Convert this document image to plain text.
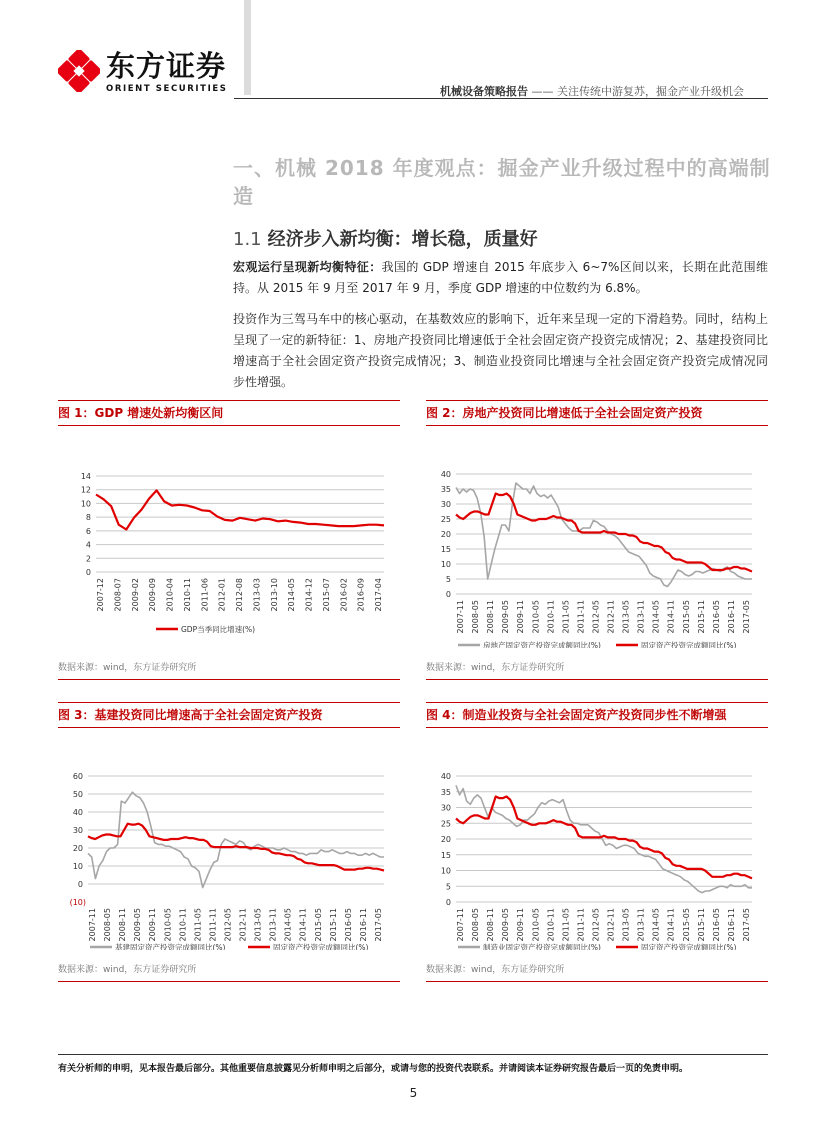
东方证券
ORIENT SECURITIES	机械设备策略报告 —— 关注传统中游复苏，掘金产业升级机会
一、机械 2018 年度观点：掘金产业升级过程中的高端制造
1.1 经济步入新均衡：增长稳，质量好
宏观运行呈现新均衡特征：我国的 GDP 增速自 2015 年底步入 6~7%区间以来，长期在此范围维持。从 2015 年 9 月至 2017 年 9 月，季度 GDP 增速的中位数约为 6.8%。
投资作为三驾马车中的核心驱动，在基数效应的影响下，近年来呈现一定的下滑趋势。同时，结构上呈现了一定的新特征：1、房地产投资同比增速低于全社会固定资产投资完成情况；2、基建投资同比增速高于全社会固定资产投资完成情况；3、制造业投资同比增速与全社会固定资产投资完成情况同步性增强。
图 1：GDP 增速处新均衡区间
0
2
4
6
8
10
12
14
2007-12 2008-07 2009-02 2009-09 2010-04 2010-11 2011-06 2012-01 2012-08 2013-03 2013-10 2014-05 2014-12 2015-07 2016-02 2016-09 2017-04
GDP当季同比增速(%)
数据来源：wind，东方证券研究所
图 2：房地产投资同比增速低于全社会固定资产投资
0
5
10
15
20
25
30
35
40
2007-11 2008-05 2008-11 2009-05 2009-11 2010-05 2010-11 2011-05 2011-11 2012-05 2012-11 2013-05 2013-11 2014-05 2014-11 2015-05 2015-11 2016-05 2016-11 2017-05
房地产固定资产投资完成额同比(%)	固定资产投资完成额同比(%)
数据来源：wind，东方证券研究所
图 3：基建投资同比增速高于全社会固定资产投资
0
10
20
30
40
50
60
(10)
2007-11 2008-05 2008-11 2009-05 2009-11 2010-05 2010-11 2011-05 2011-11 2012-05 2012-11 2013-05 2013-11 2014-05 2014-11 2015-05 2015-11 2016-05 2016-11 2017-05
基建固定资产投资完成额同比(%)	固定资产投资完成额同比(%)
数据来源：wind，东方证券研究所
图 4：制造业投资与全社会固定资产投资同步性不断增强
0
5
10
15
20
25
30
35
40
2007-11 2008-05 2008-11 2009-05 2009-11 2010-05 2010-11 2011-05 2011-11 2012-05 2012-11 2013-05 2013-11 2014-05 2014-11 2015-05 2015-11 2016-05 2016-11 2017-05
制造业固定资产投资完成额同比(%)	固定资产投资完成额同比(%)
数据来源：wind，东方证券研究所
有关分析师的申明，见本报告最后部分。其他重要信息披露见分析师申明之后部分，或请与您的投资代表联系。并请阅读本证券研究报告最后一页的免责申明。
5
